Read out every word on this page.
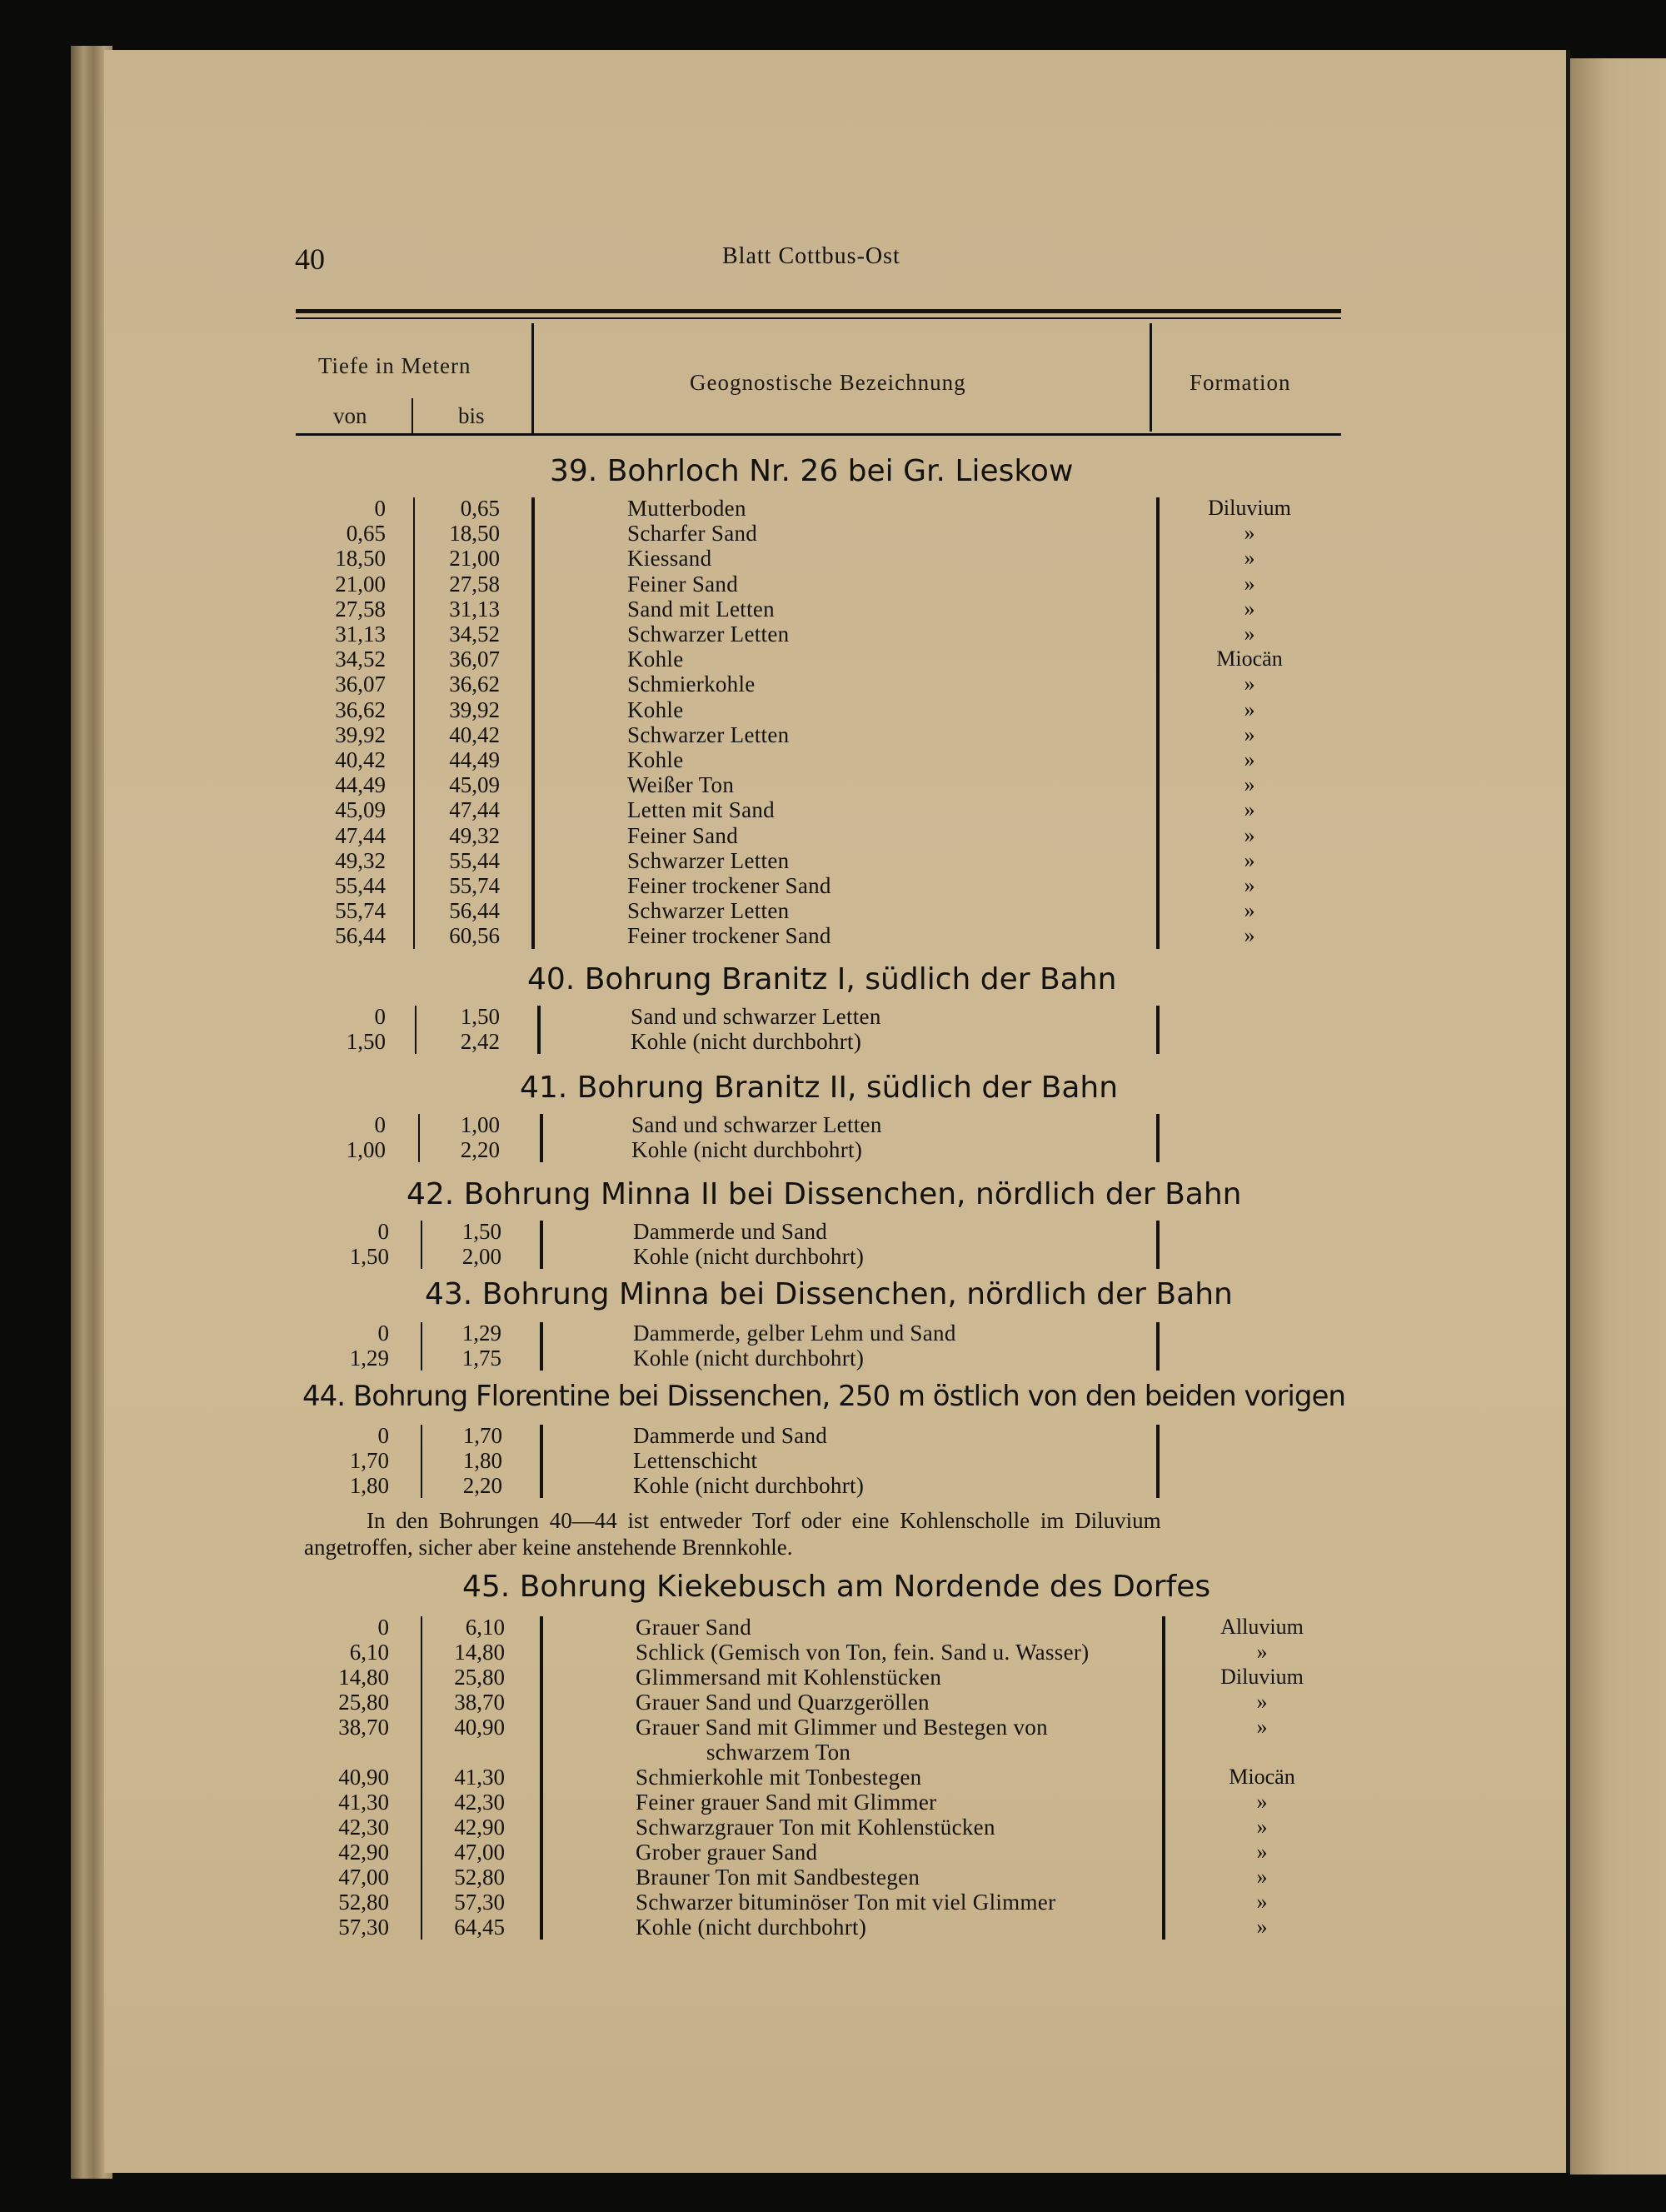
40	Blatt Cottbus-Ost
Tiefe in Metern
von	bis
Geognostische Bezeichnung	Formation
39. Bohrloch Nr. 26 bei Gr. Lieskow
0	0,65	Mutterboden	Diluvium
0,65	18,50	Scharfer Sand	»
18,50	21,00	Kiessand	»
21,00	27,58	Feiner Sand	»
27,58	31,13	Sand mit Letten	»
31,13	34,52	Schwarzer Letten	»
34,52	36,07	Kohle	Miocän
36,07	36,62	Schmierkohle	»
36,62	39,92	Kohle	»
39,92	40,42	Schwarzer Letten	»
40,42	44,49	Kohle	»
44,49	45,09	Weißer Ton	»
45,09	47,44	Letten mit Sand	»
47,44	49,32	Feiner Sand	»
49,32	55,44	Schwarzer Letten	»
55,44	55,74	Feiner trockener Sand	»
55,74	56,44	Schwarzer Letten	»
56,44	60,56	Feiner trockener Sand	»
40. Bohrung Branitz I, südlich der Bahn
0	1,50	Sand und schwarzer Letten
1,50	2,42	Kohle (nicht durchbohrt)
41. Bohrung Branitz II, südlich der Bahn
0	1,00	Sand und schwarzer Letten
1,00	2,20	Kohle (nicht durchbohrt)
42. Bohrung Minna II bei Dissenchen, nördlich der Bahn
0	1,50	Dammerde und Sand
1,50	2,00	Kohle (nicht durchbohrt)
43. Bohrung Minna bei Dissenchen, nördlich der Bahn
0	1,29	Dammerde, gelber Lehm und Sand
1,29	1,75	Kohle (nicht durchbohrt)
44. Bohrung Florentine bei Dissenchen, 250 m östlich von den beiden vorigen
0	1,70	Dammerde und Sand
1,70	1,80	Lettenschicht
1,80	2,20	Kohle (nicht durchbohrt)
45. Bohrung Kiekebusch am Nordende des Dorfes
0	6,10	Grauer Sand	Alluvium
6,10	14,80	Schlick (Gemisch von Ton, fein. Sand u. Wasser)	»
14,80	25,80	Glimmersand mit Kohlenstücken	Diluvium
25,80	38,70	Grauer Sand und Quarzgeröllen	»
38,70	40,90	Grauer Sand mit Glimmer und Bestegen von	»
schwarzem Ton
40,90	41,30	Schmierkohle mit Tonbestegen	Miocän
41,30	42,30	Feiner grauer Sand mit Glimmer	»
42,30	42,90	Schwarzgrauer Ton mit Kohlenstücken	»
42,90	47,00	Grober grauer Sand	»
47,00	52,80	Brauner Ton mit Sandbestegen	»
52,80	57,30	Schwarzer bituminöser Ton mit viel Glimmer	»
57,30	64,45	Kohle (nicht durchbohrt)	»
In den Bohrungen 40—44 ist entweder Torf oder eine Kohlenscholle im Diluvium
angetroffen, sicher aber keine anstehende Brennkohle.
